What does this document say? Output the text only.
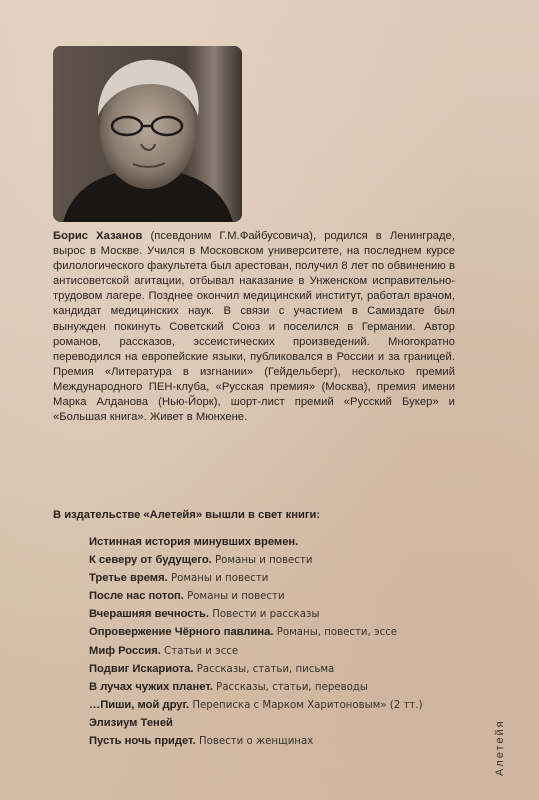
Борис Хазанов (псевдоним Г.М.Файбусовича), родился в Ленинграде, вырос в Москве. Учился в Московском университете, на последнем курсе филологического факультета был арестован, получил 8 лет по обвинению в антисоветской агитации, отбывал наказание в Унженском исправительно-трудовом лагере. Позднее окончил медицинский институт, работал врачом, кандидат медицинских наук. В связи с участием в Самиздате был вынужден покинуть Советский Союз и поселился в Германии. Автор романов, рассказов, эссеистических произведений. Многократно переводился на европейские языки, публиковался в России и за границей. Премия «Литература в изгнании» (Гейдельберг), несколько премий Международного ПЕН-клуба, «Русская премия» (Москва), премия имени Марка Алданова (Нью-Йорк), шорт-лист премий «Русский Букер» и «Большая книга». Живет в Мюнхене.
В издательстве «Алетейя» вышли в свет книги:
Истинная история минувших времен.
К северу от будущего. Романы и повести
Третье время. Романы и повести
После нас потоп. Романы и повести
Вчерашняя вечность. Повести и рассказы
Опровержение Чёрного павлина. Романы, повести, эссе
Миф Россия. Статьи и эссе
Подвиг Искариота. Рассказы, статьи, письма
В лучах чужих планет. Рассказы, статьи, переводы
…Пиши, мой друг. Переписка с Марком Харитоновым» (2 тт.)
Элизиум Теней
Пусть ночь придет. Повести о женщинах	Алетейя
